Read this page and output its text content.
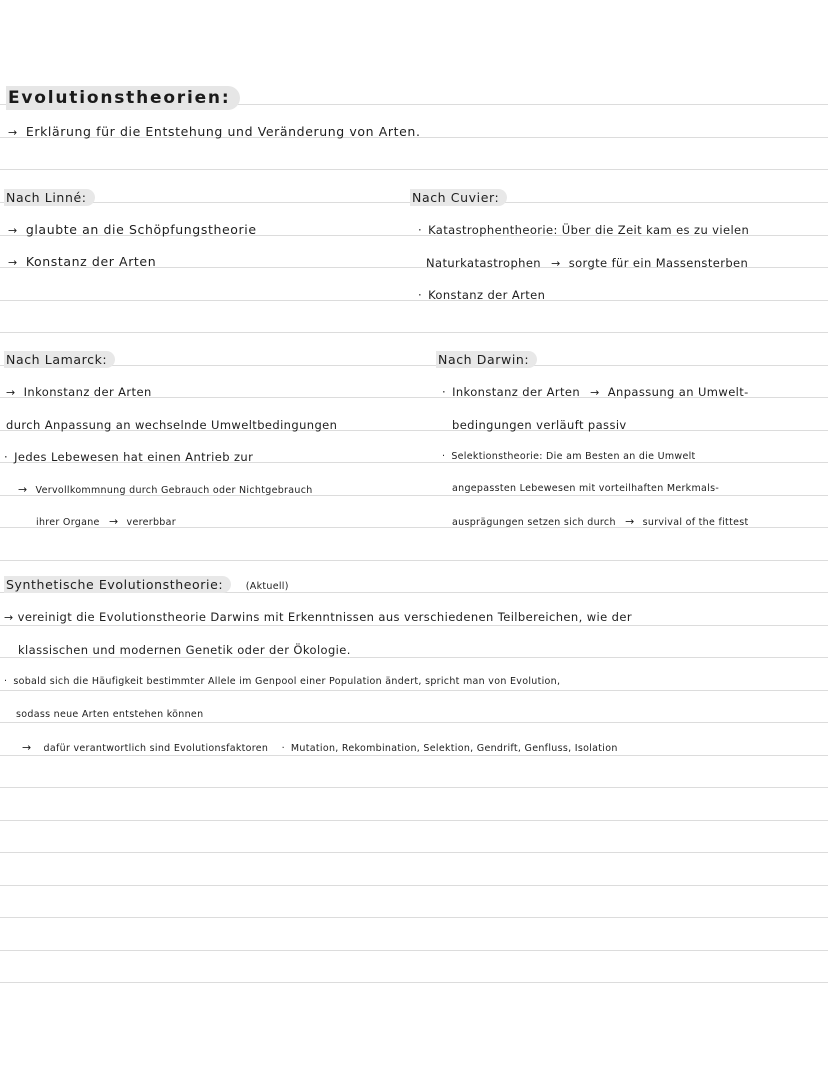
Evolutionstheorien:
→ Erklärung für die Entstehung und Veränderung von Arten.
Nach Linné:
→ glaubte an die Schöpfungstheorie
→ Konstanz der Arten
Nach Cuvier:
· Katastrophentheorie: Über die Zeit kam es zu vielen
Naturkatastrophen → sorgte für ein Massensterben
· Konstanz der Arten
Nach Lamarck:
→ Inkonstanz der Arten
durch Anpassung an wechselnde Umweltbedingungen
· Jedes Lebewesen hat einen Antrieb zur
→ Vervollkommnung durch Gebrauch oder Nichtgebrauch
ihrer Organe → vererbbar
Nach Darwin:
· Inkonstanz der Arten → Anpassung an Umwelt-
bedingungen verläuft passiv
· Selektionstheorie: Die am Besten an die Umwelt
angepassten Lebewesen mit vorteilhaften Merkmals-
ausprägungen setzen sich durch → survival of the fittest
Synthetische Evolutionstheorie: (Aktuell)
→ vereinigt die Evolutionstheorie Darwins mit Erkenntnissen aus verschiedenen Teilbereichen, wie der
klassischen und modernen Genetik oder der Ökologie.
· sobald sich die Häufigkeit bestimmter Allele im Genpool einer Population ändert, spricht man von Evolution,
sodass neue Arten entstehen können
→ dafür verantwortlich sind Evolutionsfaktoren · Mutation, Rekombination, Selektion, Gendrift, Genfluss, Isolation
